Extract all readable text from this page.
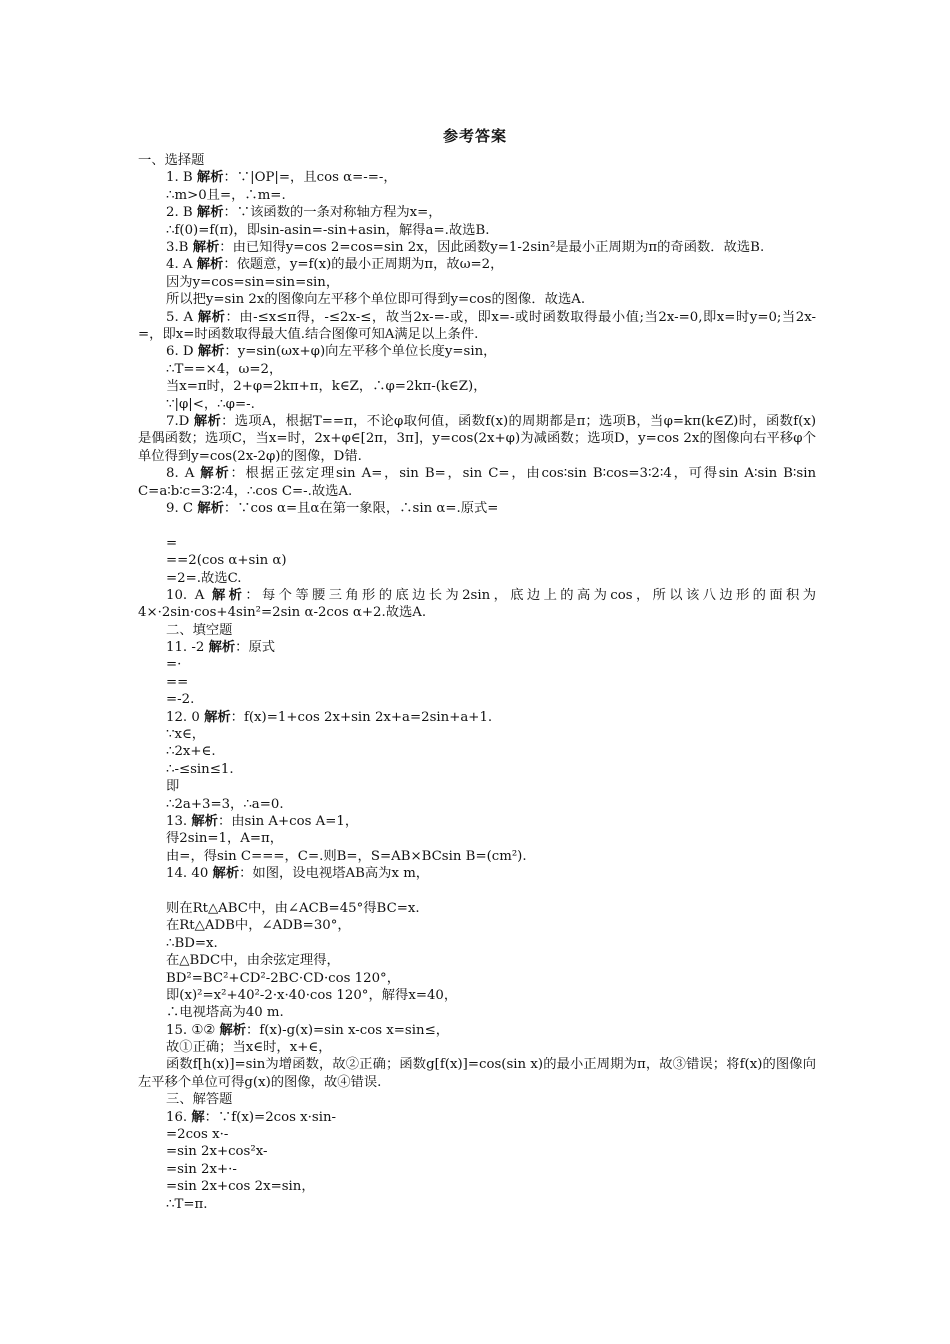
参考答案
一、选择题
1. B 解析：∵|OP|=，且cos α=-=-，
∴m>0且=，∴m=.
2. B 解析：∵该函数的一条对称轴方程为x=，
∴f(0)=f(π)，即sin-asin=-sin+asin，解得a=.故选B.
3.B 解析：由已知得y=cos 2=cos=sin 2x，因此函数y=1-2sin²是最小正周期为π的奇函数．故选B.
4. A 解析：依题意，y=f(x)的最小正周期为π，故ω=2，
因为y=cos=sin=sin=sin，
所以把y=sin 2x的图像向左平移个单位即可得到y=cos的图像．故选A.
5. A 解析：由-≤x≤π得，-≤2x-≤，故当2x-=-或，即x=-或时函数取得最小值;当2x-=0,即x=时y=0;当2x-=，即x=时函数取得最大值.结合图像可知A满足以上条件.
6. D 解析：y=sin(ωx+φ)向左平移个单位长度y=sin，
∴T==×4，ω=2，
当x=π时，2+φ=2kπ+π，k∈Z，∴φ=2kπ-(k∈Z)，
∵|φ|<，∴φ=-.
7.D 解析：选项A，根据T==π，不论φ取何值，函数f(x)的周期都是π；选项B，当φ=kπ(k∈Z)时，函数f(x)是偶函数；选项C，当x=时，2x+φ∈[2π，3π]，y=cos(2x+φ)为减函数；选项D，y=cos 2x的图像向右平移φ个单位得到y=cos(2x-2φ)的图像，D错.
8. A 解析：根据正弦定理sin A=，sin B=，sin C=，由cos∶sin B∶cos=3∶2∶4，可得sin A∶sin B∶sin C=a∶b∶c=3∶2∶4，∴cos C=-.故选A.
9. C 解析：∵cos α=且α在第一象限，∴sin α=.原式=
=
==2(cos α+sin α)
=2=.故选C.
10. A 解析：每个等腰三角形的底边长为2sin，底边上的高为cos，所以该八边形的面积为4×·2sin·cos+4sin²=2sin α-2cos α+2.故选A.
二、填空题
11. -2 解析：原式
=·
==
=-2.
12. 0 解析：f(x)=1+cos 2x+sin 2x+a=2sin+a+1.
∵x∈，
∴2x+∈.
∴-≤sin≤1.
即
∴2a+3=3，∴a=0.
13. 解析：由sin A+cos A=1，
得2sin=1，A=π，
由=，得sin C===，C=.则B=，S=AB×BCsin B=(cm²).
14. 40 解析：如图，设电视塔AB高为x m，
则在Rt△ABC中，由∠ACB=45°得BC=x.
在Rt△ADB中，∠ADB=30°，
∴BD=x.
在△BDC中，由余弦定理得，
BD²=BC²+CD²-2BC·CD·cos 120°，
即(x)²=x²+40²-2·x·40·cos 120°，解得x=40，
∴电视塔高为40 m.
15. ①② 解析：f(x)-g(x)=sin x-cos x=sin≤，
故①正确；当x∈时，x+∈，
函数f[h(x)]=sin为增函数，故②正确；函数g[f(x)]=cos(sin x)的最小正周期为π，故③错误；将f(x)的图像向左平移个单位可得g(x)的图像，故④错误.
三、解答题
16. 解：∵f(x)=2cos x·sin-
=2cos x·-
=sin 2x+cos²x-
=sin 2x+·-
=sin 2x+cos 2x=sin，
∴T=π.
